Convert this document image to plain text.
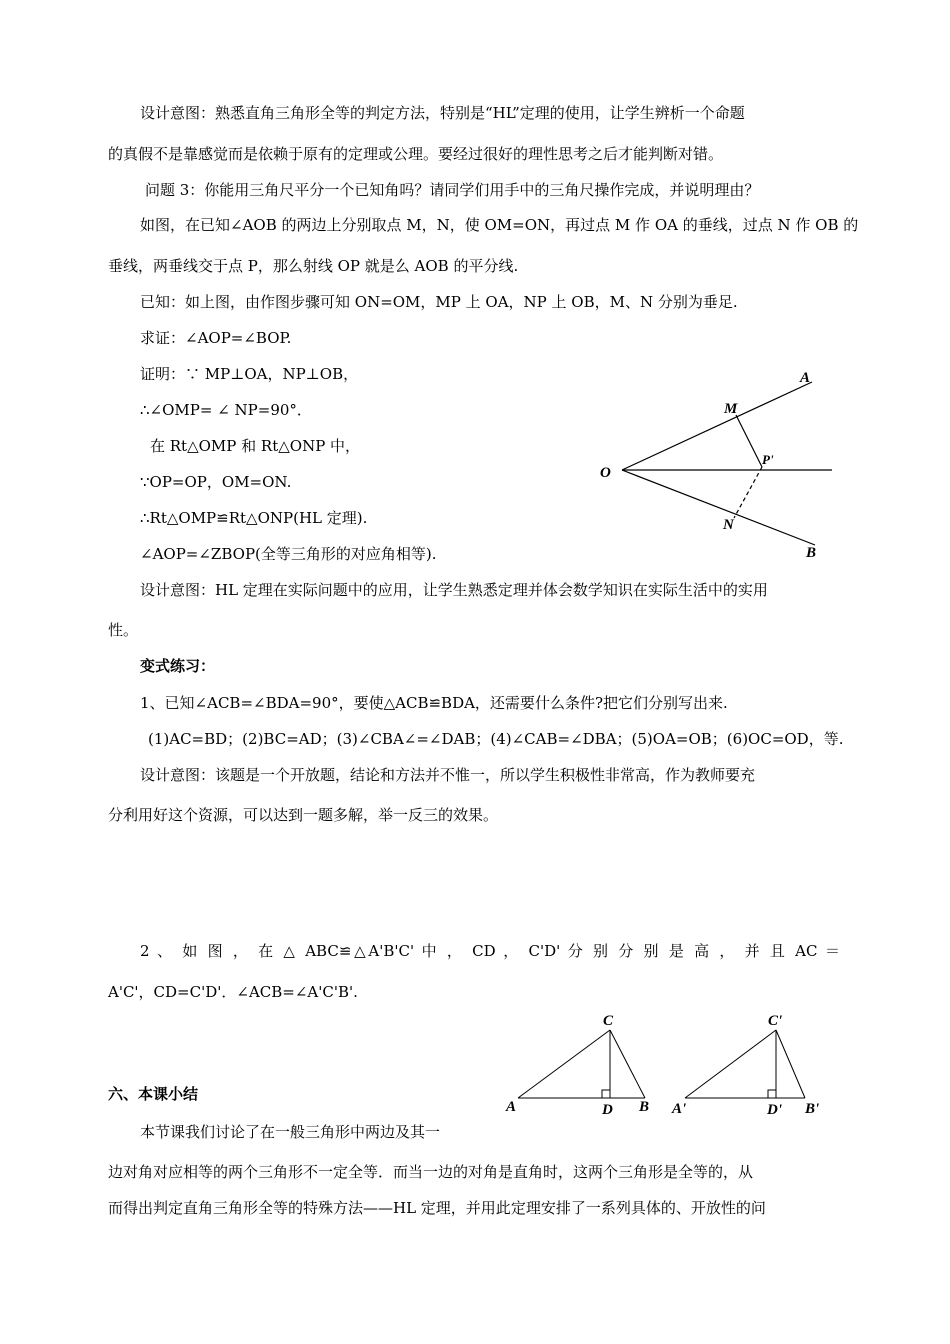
设计意图：熟悉直角三角形全等的判定方法，特别是“HL”定理的使用，让学生辨析一个命题
的真假不是靠感觉而是依赖于原有的定理或公理。要经过很好的理性思考之后才能判断对错。
问题 3：你能用三角尺平分一个已知角吗？请同学们用手中的三角尺操作完成，并说明理由？
如图，在已知∠AOB 的两边上分别取点 M，N，使 OM=ON，再过点 M 作 OA 的垂线，过点 N 作 OB 的
垂线，两垂线交于点 P，那么射线 OP 就是么 AOB 的平分线.
已知：如上图，由作图步骤可知 ON=OM，MP 上 OA，NP 上 OB，M、N 分别为垂足.
求证：∠AOP=∠BOP.
证明：∵ MP⊥OA，NP⊥OB，
∴∠OMP= ∠ NP=90°．
在 Rt△OMP 和 Rt△ONP 中，
∵OP=OP，OM=ON.
∴Rt△OMP≌Rt△ONP(HL 定理).
∠AOP=∠ZBOP(全等三角形的对应角相等).
设计意图：HL 定理在实际问题中的应用，让学生熟悉定理并体会数学知识在实际生活中的实用
性。
变式练习：
1、已知∠ACB=∠BDA=90°，要使△ACB≌BDA，还需要什么条件?把它们分别写出来.
(1)AC=BD；(2)BC=AD；(3)∠CBA∠=∠DAB；(4)∠CAB=∠DBA；(5)OA=OB；(6)OC=OD，等.
设计意图：该题是一个开放题，结论和方法并不惟一，所以学生积极性非常高，作为教师要充
分利用好这个资源，可以达到一题多解，举一反三的效果。
2 、 如 图 ， 在 △ ABC≌△A'B'C' 中 ， CD ， C'D' 分 别 分 别 是 高 ， 并 且 AC ＝
A'C'，CD=C'D'．∠ACB=∠A'C'B'.
六、本课小结
本节课我们讨论了在一般三角形中两边及其一
边对角对应相等的两个三角形不一定全等．而当一边的对角是直角时，这两个三角形是全等的，从
而得出判定直角三角形全等的特殊方法——HL 定理，并用此定理安排了一系列具体的、开放性的问
A
M
O
P'
N
B
C
A	D B
C'
A'	D' B'
